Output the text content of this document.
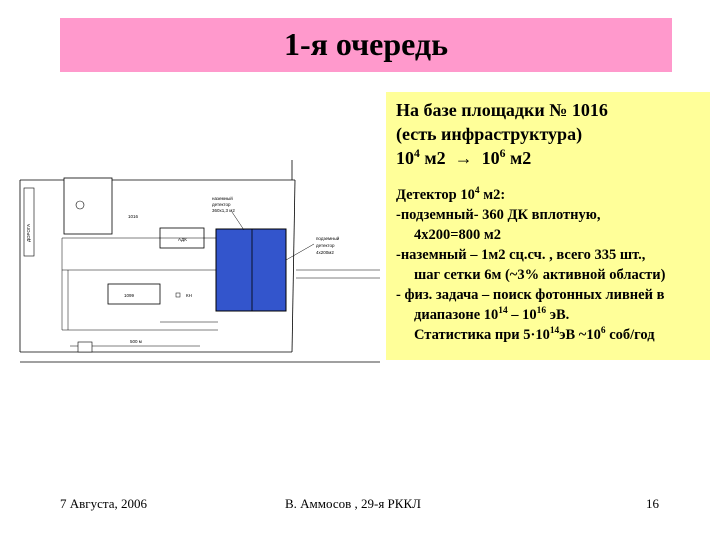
1-я очередь
На базе площадки № 1016
(есть инфраструктура)
$10^4$ $м2 \to 10^6$ м2
Детектор $10^4$ м2:
-подземный- 360 ДК вплотную,
4х200=800 м2
-наземный – 1м2 сц.сч. , всего 335 шт.,
шаг сетки 6м (~3% активной области)
- физ. задача – поиск фотонных ливней в
диапазоне $10^{14} - 10^{16}$ эВ.
Статистика при $5\cdot 10^{14}эВ$ $\sim 10^6$ соб/год
ДОРОГА
1016
АДК
1099	КН
наземный
детектор
360х1,3 м2
подземный
детектор
4х200м2
500 м
7 Августа, 2006	В. Аммосов , 29-я РККЛ	16
